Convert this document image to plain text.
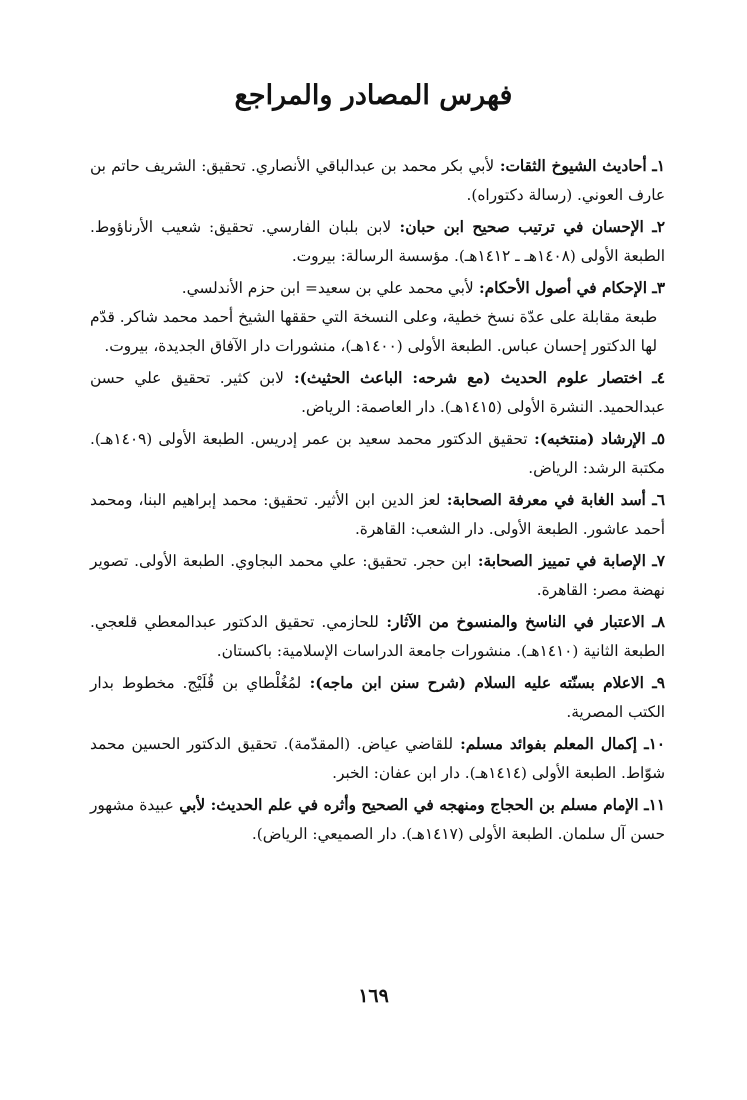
فهرس المصادر والمراجع
١ـ أحاديث الشيوخ الثقات: لأبي بكر محمد بن عبدالباقي الأنصاري. تحقيق: الشريف حاتم بن عارف العوني. (رسالة دكتوراه).
٢ـ الإحسان في ترتيب صحيح ابن حبان: لابن بلبان الفارسي. تحقيق: شعيب الأرناؤوط. الطبعة الأولى (١٤٠٨هـ ـ ١٤١٢هـ). مؤسسة الرسالة: بيروت.
٣ـ الإحكام في أصول الأحكام: لأبي محمد علي بن سعيد= ابن حزم الأندلسي.
طبعة مقابلة على عدّة نسخ خطية، وعلى النسخة التي حققها الشيخ أحمد محمد شاكر. قدّم لها الدكتور إحسان عباس. الطبعة الأولى (١٤٠٠هـ)، منشورات دار الآفاق الجديدة، بيروت.
٤ـ اختصار علوم الحديث (مع شرحه: الباعث الحثيث): لابن كثير. تحقيق علي حسن عبدالحميد. النشرة الأولى (١٤١٥هـ). دار العاصمة: الرياض.
٥ـ الإرشاد (منتخبه): تحقيق الدكتور محمد سعيد بن عمر إدريس. الطبعة الأولى (١٤٠٩هـ). مكتبة الرشد: الرياض.
٦ـ أسد الغابة في معرفة الصحابة: لعز الدين ابن الأثير. تحقيق: محمد إبراهيم البنا، ومحمد أحمد عاشور. الطبعة الأولى. دار الشعب: القاهرة.
٧ـ الإصابة في تمييز الصحابة: ابن حجر. تحقيق: علي محمد البجاوي. الطبعة الأولى. تصوير نهضة مصر: القاهرة.
٨ـ الاعتبار في الناسخ والمنسوخ من الآثار: للحازمي. تحقيق الدكتور عبدالمعطي قلعجي. الطبعة الثانية (١٤١٠هـ). منشورات جامعة الدراسات الإسلامية: باكستان.
٩ـ الاعلام بسنّته عليه السلام (شرح سنن ابن ماجه): لمُغُلْطاي بن قُلَيْج. مخطوط بدار الكتب المصرية.
١٠ـ إكمال المعلم بفوائد مسلم: للقاضي عياض. (المقدّمة). تحقيق الدكتور الحسين محمد شوّاط. الطبعة الأولى (١٤١٤هـ). دار ابن عفان: الخبر.
١١ـ الإمام مسلم بن الحجاج ومنهجه في الصحيح وأثره في علم الحديث: لأبي عبيدة مشهور حسن آل سلمان. الطبعة الأولى (١٤١٧هـ). دار الصميعي: الرياض).

١٦٩
